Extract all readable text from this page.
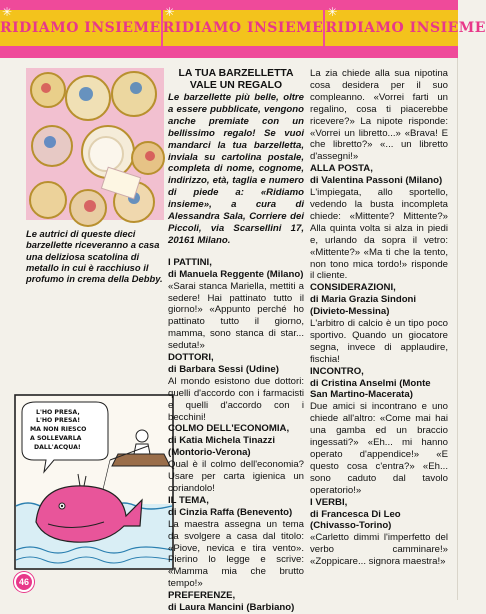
✳
RIDIAMO INSIEME
✳
RIDIAMO INSIEME
✳
RIDIAMO INSIEME

Le autrici di queste dieci barzellette riceveranno a casa una deliziosa scatolina di metallo in cui è racchiuso il profumo in crema della Debby.

L'HO PRESA, L'HO PRESA! MA NON RIESCO A SOLLEVARLA DALL'ACQUA!
46

LA TUA BARZELLETTA

VALE UN REGALO

Le barzellette più belle, oltre a essere pubblicate, vengono anche premiate con un bellissimo regalo! Se vuoi mandarci la tua barzelletta, inviala su cartolina postale, completa di nome, cognome, indirizzo, età, taglia e numero di piede a: «Ridiamo insieme», a cura di Alessandra Sala, Corriere dei Piccoli, via Scarsellini 17, 20161 Milano.

I PATTINI,

di Manuela Reggente (Milano)

«Sarai stanca Mariella, mettiti a sedere! Hai pattinato tutto il giorno!» «Appunto perché ho pattinato tutto il giorno, mamma, sono stanca di star... seduta!»

DOTTORI,

di Barbara Sessi (Udine)

Al mondo esistono due dottori: quelli d'accordo con i farmacisti e quelli d'accordo con i becchini!

COLMO DELL'ECONOMIA,

di Katia Michela Tinazzi (Montorio-Verona)

Qual è il colmo dell'economia? Usare per carta igienica un coriandolo!

IL TEMA,

di Cinzia Raffa (Benevento)

La maestra assegna un tema da svolgere a casa dal titolo: «Piove, nevica e tira vento». Pierino lo legge e scrive: «Mamma mia che brutto tempo!»

PREFERENZE,

di Laura Mancini (Barbiano)

La zia chiede alla sua nipotina cosa desidera per il suo compleanno. «Vorrei farti un regalino, cosa ti piacerebbe ricevere?» La nipote risponde: «Vorrei un libretto...» «Brava! E che libretto?» «... un libretto d'assegni!»

ALLA POSTA,

di Valentina Passoni (Milano)

L'impiegata, allo sportello, vedendo la busta incompleta chiede: «Mittente? Mittente?» Alla quinta volta si alza in piedi e, urlando da sopra il vetro: «Mittente?» «Ma ti che la tento, non tono mica tordo!» risponde il cliente.

CONSIDERAZIONI,

di Maria Grazia Sindoni (Divieto-Messina)

L'arbitro di calcio è un tipo poco sportivo. Quando un giocatore segna, invece di applaudire, fischia!

INCONTRO,

di Cristina Anselmi (Monte San Martino-Macerata)

Due amici si incontrano e uno chiede all'altro: «Come mai hai una gamba ed un braccio ingessati?» «Eh... mi hanno operato d'appendice!» «E questo cosa c'entra?» «Eh... sono caduto dal tavolo operatorio!»

I VERBI,

di Francesca Di Leo (Chivasso-Torino)

«Carletto dimmi l'imperfetto del verbo camminare!» «Zoppicare... signora maestra!»
